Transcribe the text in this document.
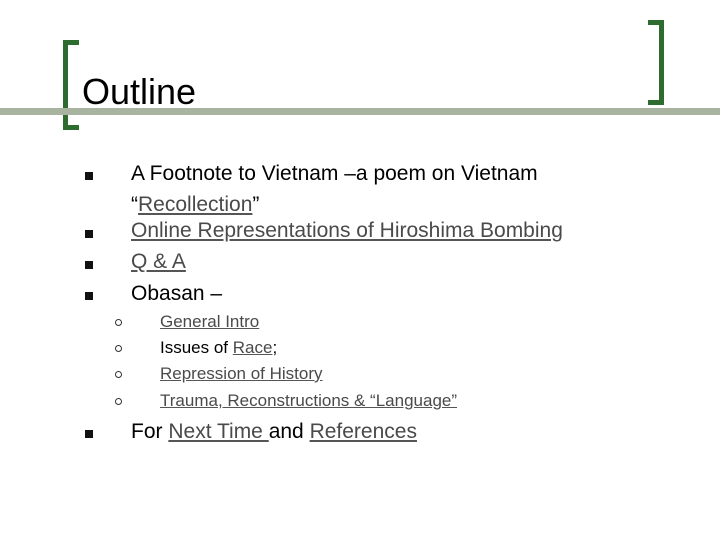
Outline
A Footnote to Vietnam –a poem on Vietnam
“Recollection”
Online Representations of Hiroshima Bombing
Q & A
Obasan –
General Intro
Issues of Race;
Repression of History
Trauma, Reconstructions & “Language”
For Next Time and References
